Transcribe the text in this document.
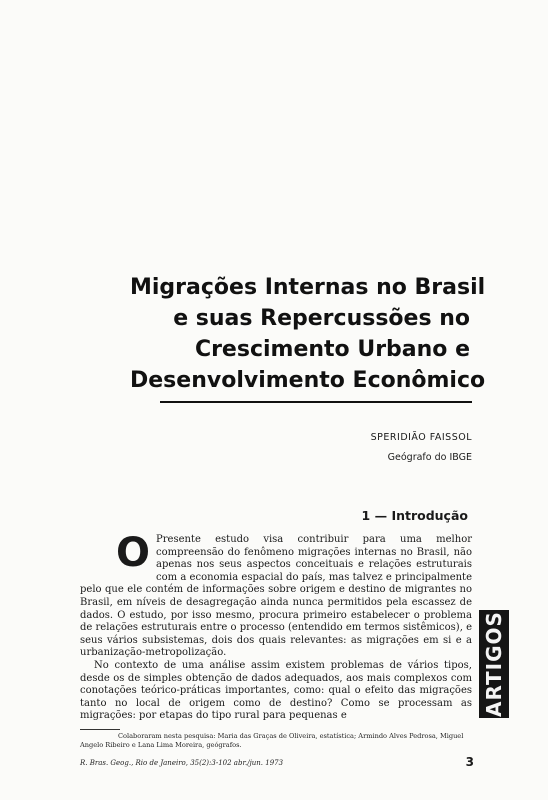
Migrações Internas no Brasil
e suas Repercussões no
Crescimento Urbano e
Desenvolvimento Econômico
SPERIDIÃO FAISSOL
Geógrafo do IBGE
1 — Introdução
O Presente estudo visa contribuir para uma melhor compreensão do fenômeno migrações internas no Brasil, não apenas nos seus aspectos conceituais e relações estruturais com a economia espacial do país, mas talvez e principalmente pelo que ele contém de informações sobre origem e destino de migrantes no Brasil, em níveis de desagregação ainda nunca permitidos pela escassez de dados. O estudo, por isso mesmo, procura primeiro estabelecer o problema de relações estruturais entre o processo (entendido em termos sistêmicos), e seus vários subsistemas, dois dos quais relevantes: as migrações em si e a urbanização-metropolização.

No contexto de uma análise assim existem problemas de vários tipos, desde os de simples obtenção de dados adequados, aos mais complexos com conotações teórico-práticas importantes, como: qual o efeito das migrações tanto no local de origem como de destino? Como se processam as migrações: por etapas do tipo rural para pequenas e

Colaboraram nesta pesquisa: Maria das Graças de Oliveira, estatística; Armindo Alves Pedrosa, Miguel Angelo Ribeiro e Lana Lima Moreira, geógrafos.
R. Bras. Geog., Rio de Janeiro, 35(2):3-102 abr./jun. 1973	3
ARTIGOS
